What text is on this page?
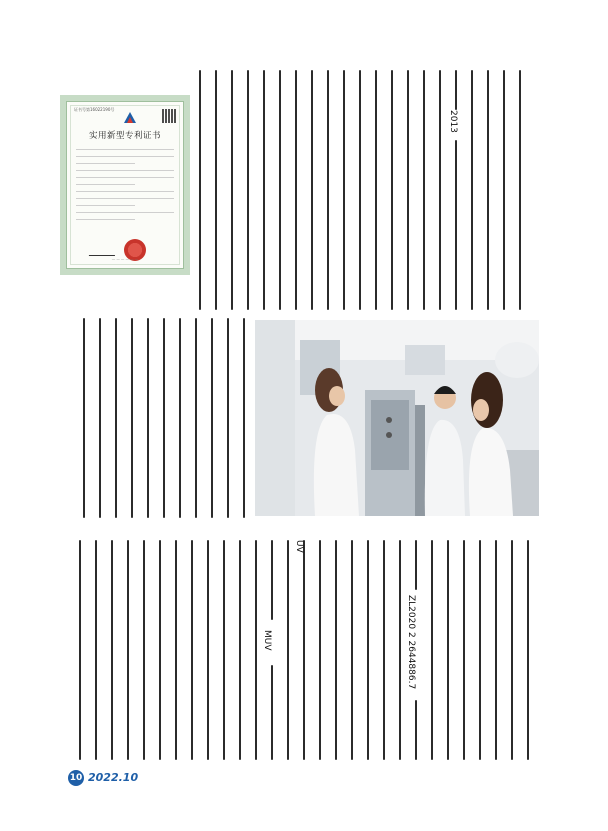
证书号第16022190号
实用新型专利证书
— — — — — —
2013
ZL2020 2 2644886.7
UV
MUV
10 2022.10
